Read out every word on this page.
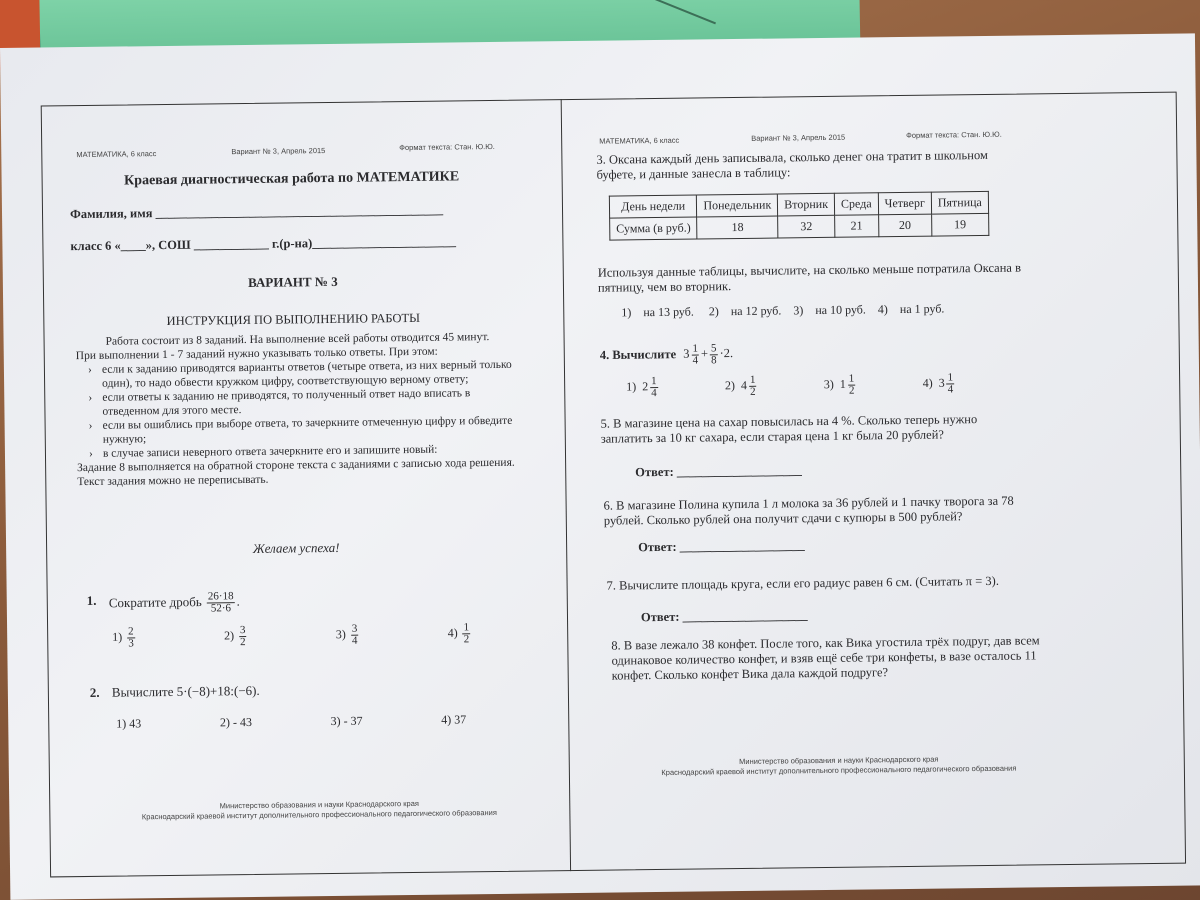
МАТЕМАТИКА, 6 класс	Вариант № 3, Апрель 2015	Формат текста: Стан. Ю.Ю.
Краевая диагностическая работа по МАТЕМАТИКЕ
Фамилия, имя ______________________________________________
класс 6 «____», СОШ ____________ г.(р-на)_______________________
ВАРИАНТ № 3
ИНСТРУКЦИЯ ПО ВЫПОЛНЕНИЮ РАБОТЫ
Работа состоит из 8 заданий. На выполнение всей работы отводится 45 минут.
При выполнении 1 - 7 заданий нужно указывать только ответы. При этом:
› если к заданию приводятся варианты ответов (четыре ответа, из них верный только один), то надо обвести кружком цифру, соответствующую верному ответу;
› если ответы к заданию не приводятся, то полученный ответ надо вписать в отведенном для этого месте.
› если вы ошиблись при выборе ответа, то зачеркните отмеченную цифру и обведите нужную;
› в случае записи неверного ответа зачеркните его и запишите новый:
Задание 8 выполняется на обратной стороне текста с заданиями с записью хода решения. Текст задания можно не переписывать.
Желаем успеха!
1. Сократите дробь $\frac{26\cdot 18}{52\cdot 6}$ .
$1) \frac{2}{3}$	$2) \frac{3}{2}$	$3) \frac{3}{4}$	$4) \frac{1}{2}$
2. Вычислите 5·(−8)+18:(−6).
1) 43	2) - 43	3) - 37	4) 37
Министерство образования и науки Краснодарского края
Краснодарский краевой институт дополнительного профессионального педагогического образования
МАТЕМАТИКА, 6 класс	Вариант № 3, Апрель 2015	Формат текста: Стан. Ю.Ю.
3. Оксана каждый день записывала, сколько денег она тратит в школьном буфете, и данные занесла в таблицу:
День недели	Понедельник	Вторник	Среда	Четверг	Пятница
Сумма (в руб.)	18	32	21	20	19
Используя данные таблицы, вычислите, на сколько меньше потратила Оксана в пятницу, чем во вторник.
1)    на 13 руб.     2)    на 12 руб.    3)    на 10 руб.    4)    на 1 руб.
4. Вычислите $3 \frac{1}{4} + \frac{5}{8} \cdot 2$.
1) $2 \frac{1}{4}$	2) $4 \frac{1}{2}$	3) $1 \frac{1}{2}$	4) $3 \frac{1}{4}$
5. В магазине цена на сахар повысилась на 4 %. Сколько теперь нужно заплатить за 10 кг сахара, если старая цена 1 кг была 20 рублей?
Ответ: ____________________
6. В магазине Полина купила 1 л молока за 36 рублей и 1 пачку творога за 78 рублей. Сколько рублей она получит сдачи с купюры в 500 рублей?
Ответ: ____________________
7. Вычислите площадь круга, если его радиус равен 6 см. (Считать π = 3).
Ответ: ____________________
8. В вазе лежало 38 конфет. После того, как Вика угостила трёх подруг, дав всем одинаковое количество конфет, и взяв ещё себе три конфеты, в вазе осталось 11 конфет. Сколько конфет Вика дала каждой подруге?
Министерство образования и науки Краснодарского края
Краснодарский краевой институт дополнительного профессионального педагогического образования
